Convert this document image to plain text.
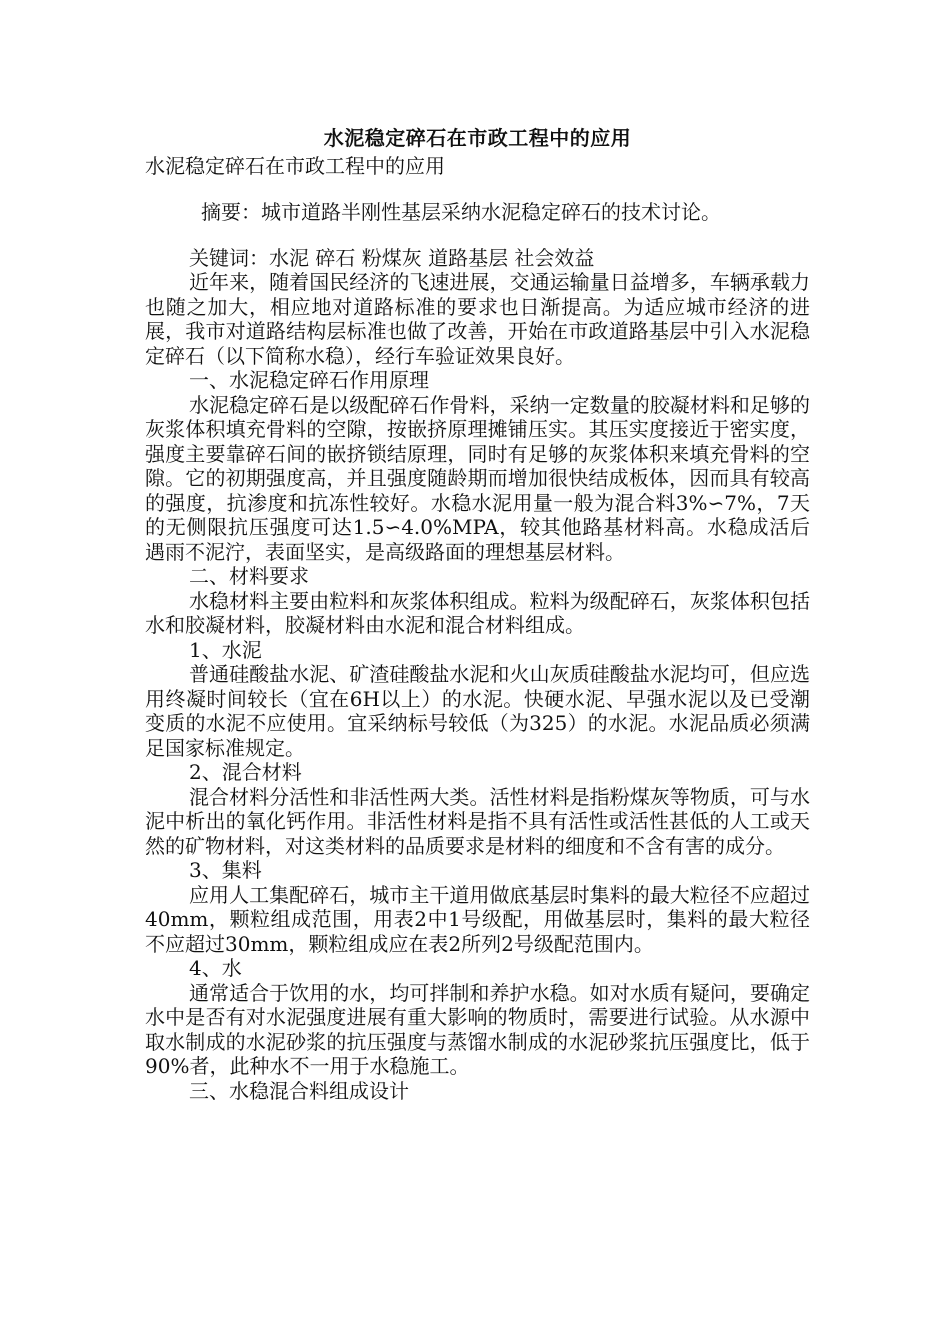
水泥稳定碎石在市政工程中的应用

水泥稳定碎石在市政工程中的应用

摘要：城市道路半刚性基层采纳水泥稳定碎石的技术讨论。

关键词：水泥 碎石 粉煤灰 道路基层 社会效益

近年来，随着国民经济的飞速进展，交通运输量日益增多，车辆承载力也随之加大，相应地对道路标准的要求也日渐提高。为适应城市经济的进展，我市对道路结构层标准也做了改善，开始在市政道路基层中引入水泥稳定碎石（以下简称水稳），经行车验证效果良好。

一、水泥稳定碎石作用原理

水泥稳定碎石是以级配碎石作骨料，采纳一定数量的胶凝材料和足够的灰浆体积填充骨料的空隙，按嵌挤原理摊铺压实。其压实度接近于密实度，强度主要靠碎石间的嵌挤锁结原理，同时有足够的灰浆体积来填充骨料的空隙。它的初期强度高，并且强度随龄期而增加很快结成板体，因而具有较高的强度，抗渗度和抗冻性较好。水稳水泥用量一般为混合料3%∽7%，7天的无侧限抗压强度可达1.5∽4.0%MPA，较其他路基材料高。水稳成活后遇雨不泥泞，表面坚实，是高级路面的理想基层材料。

二、材料要求

水稳材料主要由粒料和灰浆体积组成。粒料为级配碎石，灰浆体积包括水和胶凝材料，胶凝材料由水泥和混合材料组成。

1、水泥

普通硅酸盐水泥、矿渣硅酸盐水泥和火山灰质硅酸盐水泥均可，但应选用终凝时间较长（宜在6H以上）的水泥。快硬水泥、早强水泥以及已受潮变质的水泥不应使用。宜采纳标号较低（为325）的水泥。水泥品质必须满足国家标准规定。

2、混合材料

混合材料分活性和非活性两大类。活性材料是指粉煤灰等物质，可与水泥中析出的氧化钙作用。非活性材料是指不具有活性或活性甚低的人工或天然的矿物材料，对这类材料的品质要求是材料的细度和不含有害的成分。

3、集料

应用人工集配碎石，城市主干道用做底基层时集料的最大粒径不应超过40mm，颗粒组成范围，用表2中1号级配，用做基层时，集料的最大粒径不应超过30mm，颗粒组成应在表2所列2号级配范围内。

4、水

通常适合于饮用的水，均可拌制和养护水稳。如对水质有疑问，要确定水中是否有对水泥强度进展有重大影响的物质时，需要进行试验。从水源中取水制成的水泥砂浆的抗压强度与蒸馏水制成的水泥砂浆抗压强度比，低于90%者，此种水不一用于水稳施工。

三、水稳混合料组成设计
